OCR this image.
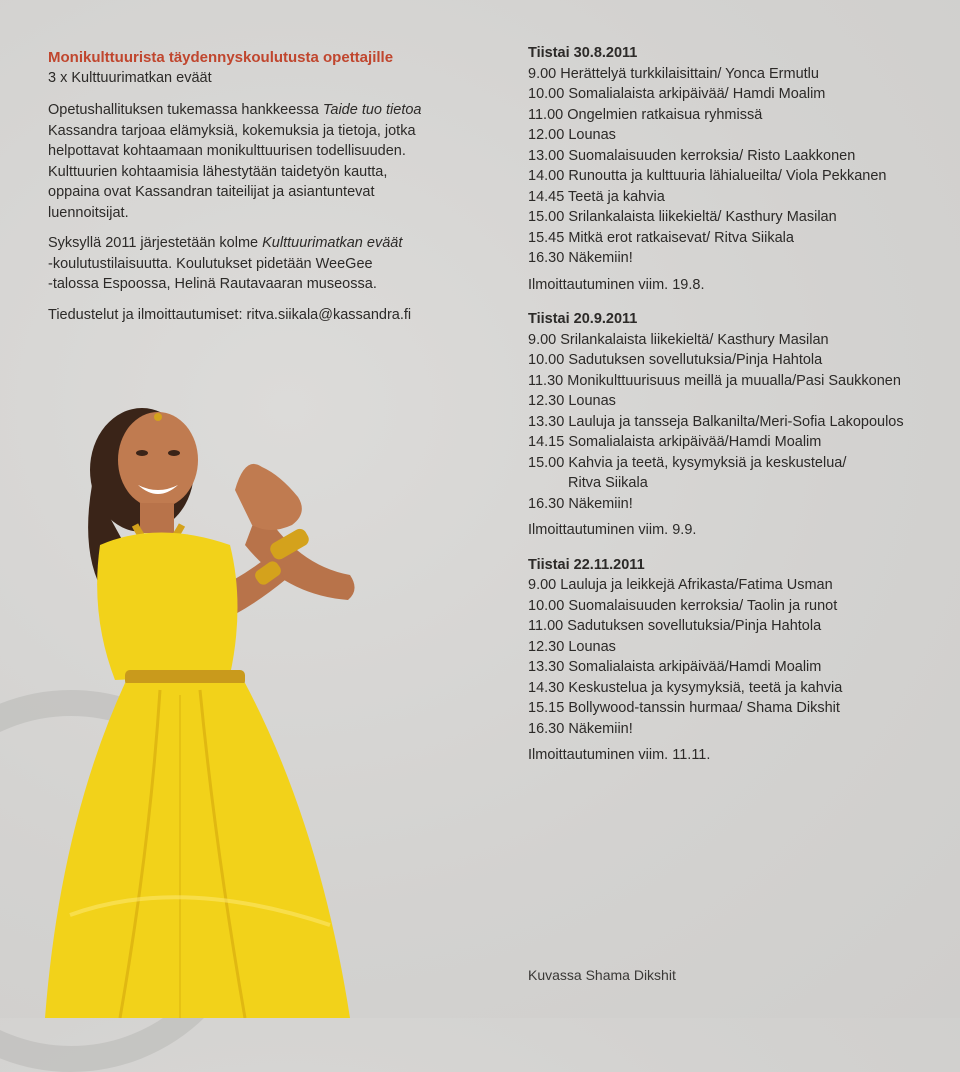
Monikulttuurista täydennyskoulutusta opettajille

3 x Kulttuurimatkan eväät

Opetushallituksen tukemassa hankkeessa Taide tuo tietoa
Kassandra tarjoaa elämyksiä, kokemuksia ja tietoja, jotka
helpottavat kohtaamaan monikulttuurisen todellisuuden.
Kulttuurien kohtaamisia lähestytään taidetyön kautta,
oppaina ovat Kassandran taiteilijat ja asiantuntevat
luennoitsijat.

Syksyllä 2011 järjestetään kolme Kulttuurimatkan eväät
-koulutustilaisuutta. Koulutukset pidetään WeeGee
-talossa Espoossa, Helinä Rautavaaran museossa.

Tiedustelut ja ilmoittautumiset: ritva.siikala@kassandra.fi

Tiistai 30.8.2011

9.00 Herättelyä turkkilaisittain/ Yonca Ermutlu
10.00 Somalialaista arkipäivää/ Hamdi Moalim
11.00 Ongelmien ratkaisua ryhmissä
12.00 Lounas
13.00 Suomalaisuuden kerroksia/ Risto Laakkonen
14.00 Runoutta ja kulttuuria lähialueilta/ Viola Pekkanen
14.45 Teetä ja kahvia
15.00 Srilankalaista liikekieltä/ Kasthury Masilan
15.45 Mitkä erot ratkaisevat/ Ritva Siikala
16.30 Näkemiin!

Ilmoittautuminen viim. 19.8.

Tiistai 20.9.2011

9.00 Srilankalaista liikekieltä/ Kasthury Masilan
10.00 Sadutuksen sovellutuksia/Pinja Hahtola
11.30 Monikulttuurisuus meillä ja muualla/Pasi Saukkonen
12.30 Lounas
13.30 Lauluja ja tansseja Balkanilta/Meri-Sofia Lakopoulos
14.15 Somalialaista arkipäivää/Hamdi Moalim
15.00 Kahvia ja teetä, kysymyksiä ja keskustelua/
Ritva Siikala
16.30 Näkemiin!

Ilmoittautuminen viim. 9.9.

Tiistai 22.11.2011

9.00 Lauluja ja leikkejä Afrikasta/Fatima Usman
10.00 Suomalaisuuden kerroksia/ Taolin ja runot
11.00 Sadutuksen sovellutuksia/Pinja Hahtola
12.30 Lounas
13.30 Somalialaista arkipäivää/Hamdi Moalim
14.30 Keskustelua ja kysymyksiä, teetä ja kahvia
15.15 Bollywood-tanssin hurmaa/ Shama Dikshit
16.30 Näkemiin!

Ilmoittautuminen viim. 11.11.

Kuvassa Shama Dikshit
